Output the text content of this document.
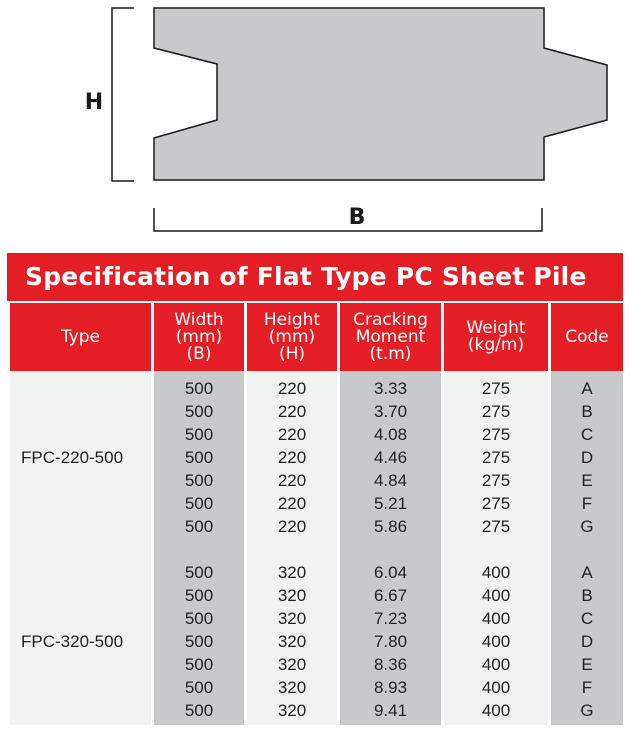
H
B
Specification of Flat Type PC Sheet Pile
Type	Width
(mm)
(B)	Height
(mm)
(H)	Cracking
Moment
(t.m)	Weight
(kg/m)	Code

FPC-220-500	500	220	3.33	275	A
	500	220	3.70	275	B
	500	220	4.08	275	C
	500	220	4.46	275	D
	500	220	4.84	275	E
	500	220	5.21	275	F
	500	220	5.86	275	G

FPC-320-500	500	320	6.04	400	A
	500	320	6.67	400	B
	500	320	7.23	400	C
	500	320	7.80	400	D
	500	320	8.36	400	E
	500	320	8.93	400	F
	500	320	9.41	400	G
